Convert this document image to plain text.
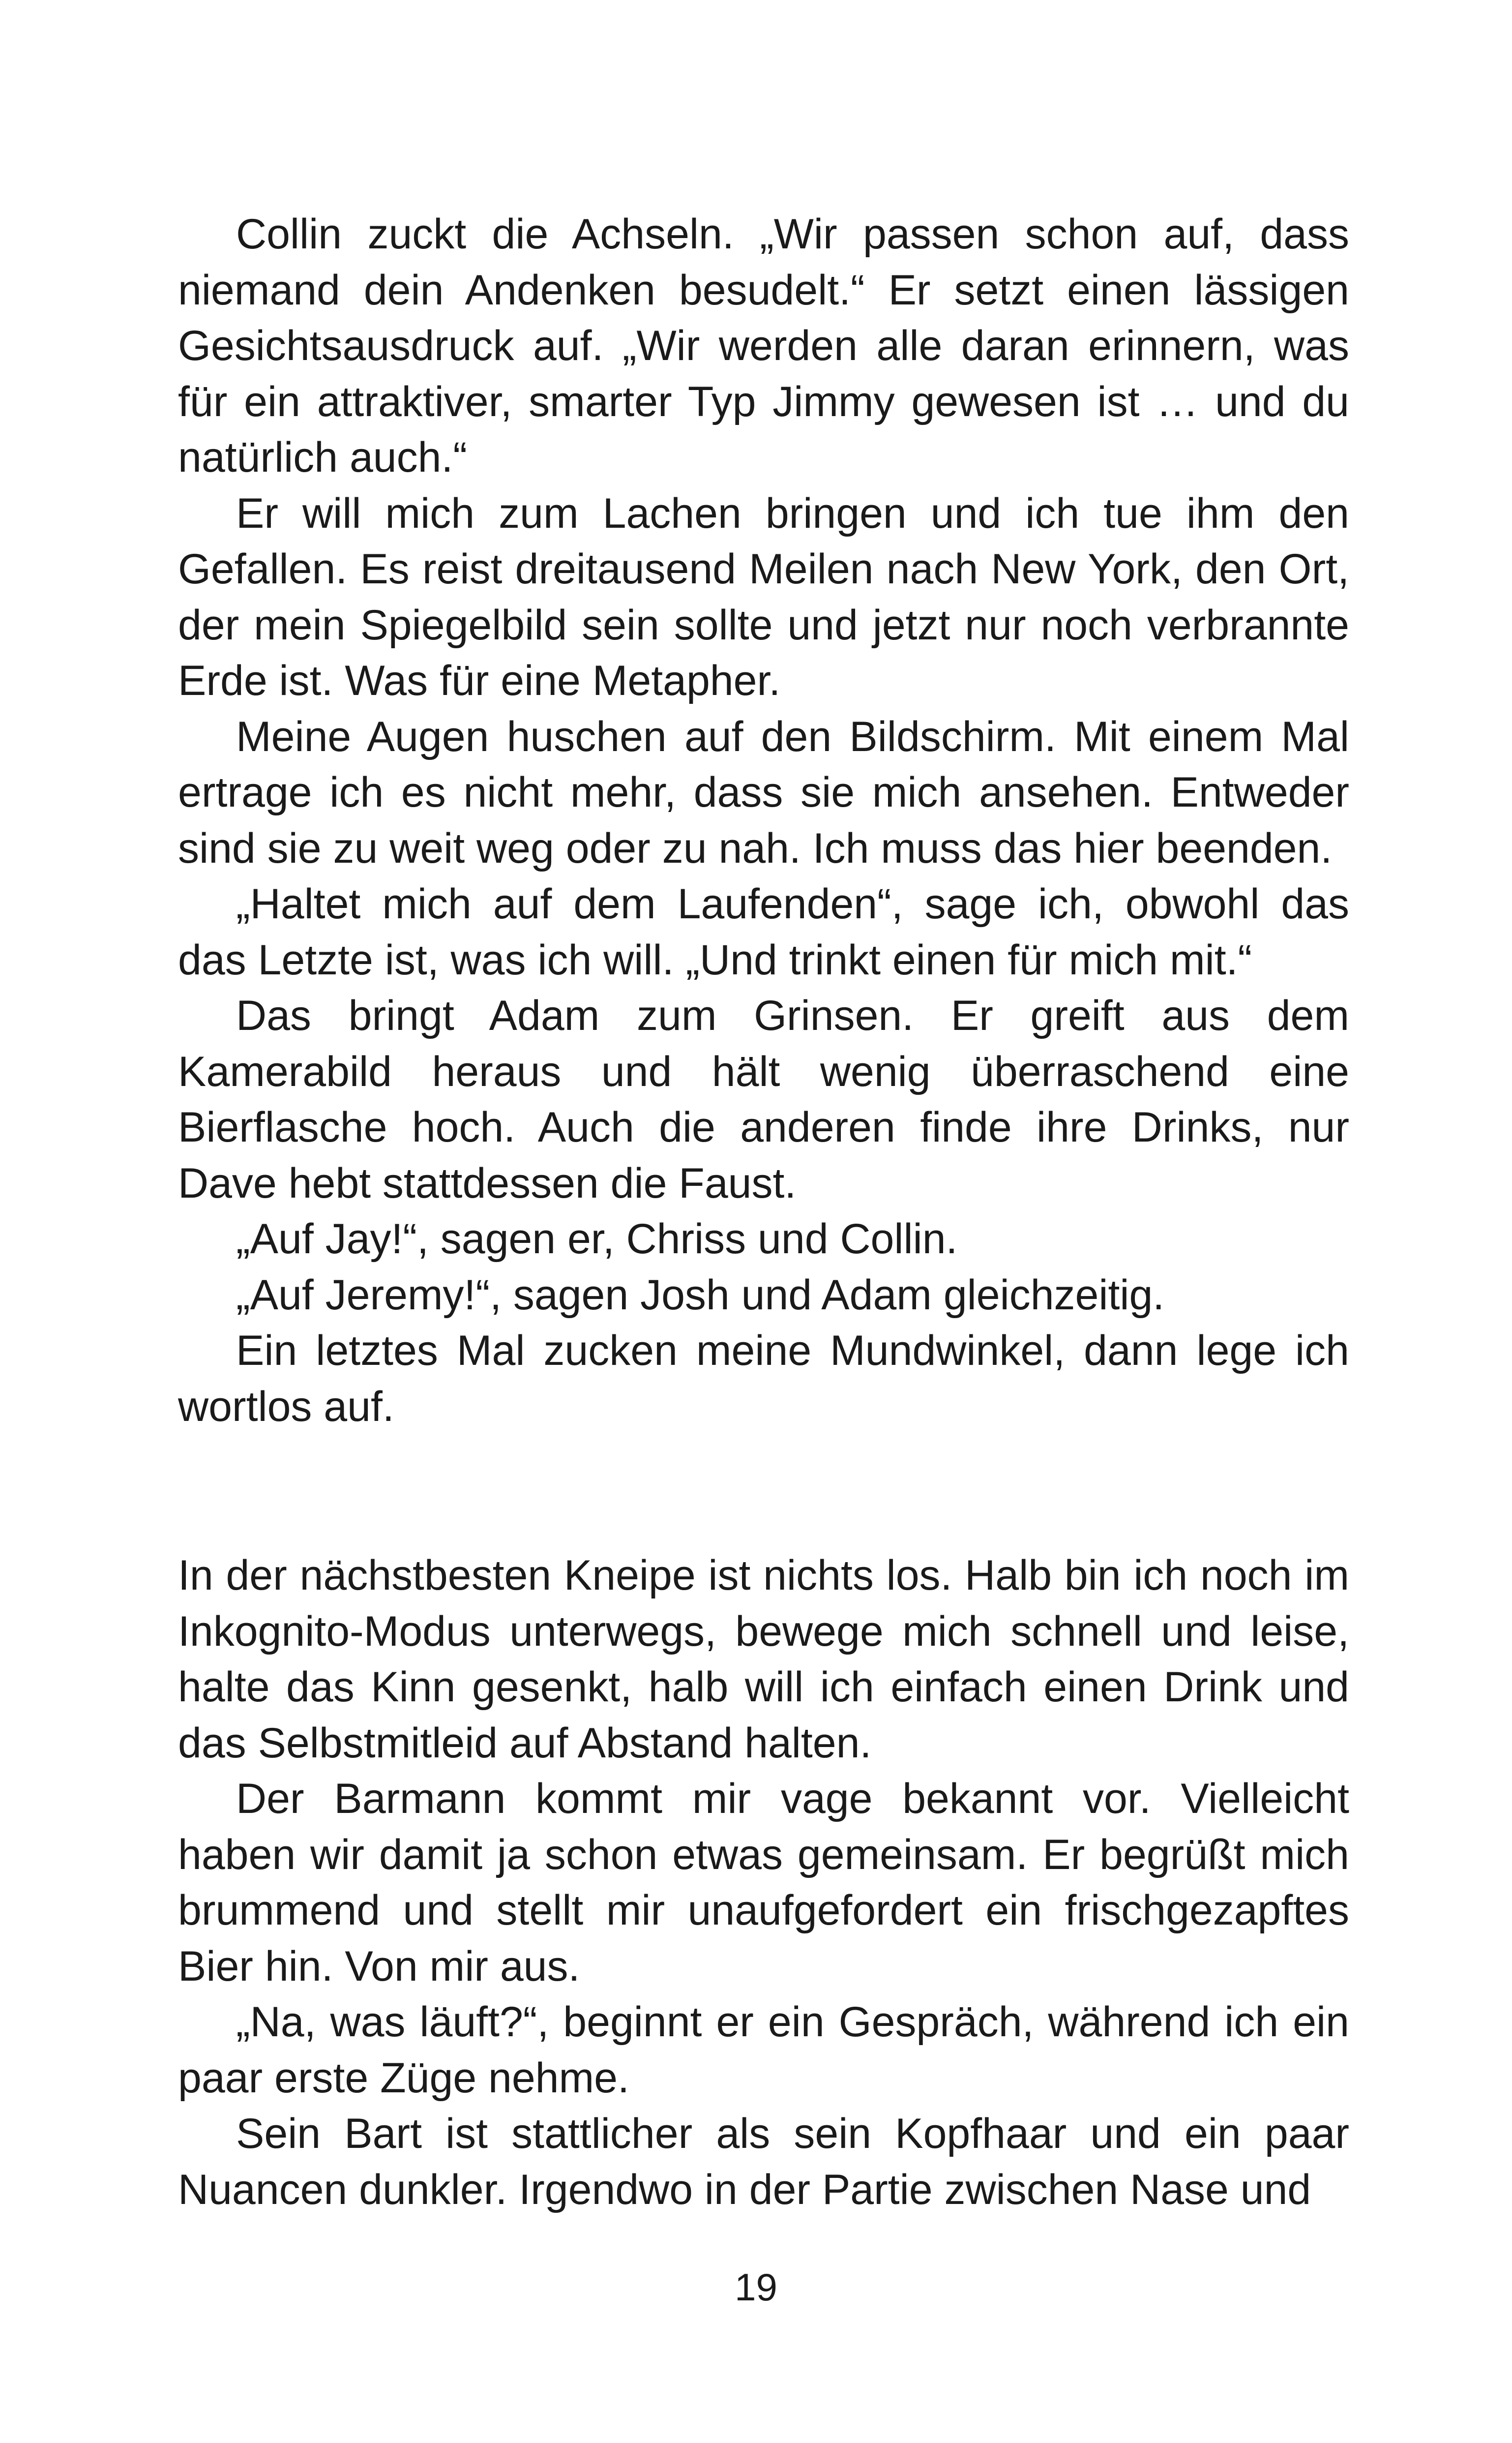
Collin zuckt die Achseln. „Wir passen schon auf, dass niemand dein Andenken besudelt.“ Er setzt einen lässigen Gesichtsausdruck auf. „Wir werden alle daran erinnern, was für ein attraktiver, smarter Typ Jimmy gewesen ist … und du natürlich auch.“

Er will mich zum Lachen bringen und ich tue ihm den Gefallen. Es reist dreitausend Meilen nach New York, den Ort, der mein Spiegelbild sein sollte und jetzt nur noch verbrannte Erde ist. Was für eine Metapher.

Meine Augen huschen auf den Bildschirm. Mit einem Mal ertrage ich es nicht mehr, dass sie mich ansehen. Entweder sind sie zu weit weg oder zu nah. Ich muss das hier beenden.

„Haltet mich auf dem Laufenden“, sage ich, obwohl das das Letzte ist, was ich will. „Und trinkt einen für mich mit.“

Das bringt Adam zum Grinsen. Er greift aus dem Kamerabild heraus und hält wenig überraschend eine Bierflasche hoch. Auch die anderen finde ihre Drinks, nur Dave hebt stattdessen die Faust.

„Auf Jay!“, sagen er, Chriss und Collin.

„Auf Jeremy!“, sagen Josh und Adam gleichzeitig.

Ein letztes Mal zucken meine Mundwinkel, dann lege ich wortlos auf.

In der nächstbesten Kneipe ist nichts los. Halb bin ich noch im Inkognito-Modus unterwegs, bewege mich schnell und leise, halte das Kinn gesenkt, halb will ich einfach einen Drink und das Selbstmitleid auf Abstand halten.

Der Barmann kommt mir vage bekannt vor. Vielleicht haben wir damit ja schon etwas gemeinsam. Er begrüßt mich brummend und stellt mir unaufgefordert ein frischgezapftes Bier hin. Von mir aus.

„Na, was läuft?“, beginnt er ein Gespräch, während ich ein paar erste Züge nehme.

Sein Bart ist stattlicher als sein Kopfhaar und ein paar Nuancen dunkler. Irgendwo in der Partie zwischen Nase und

19
